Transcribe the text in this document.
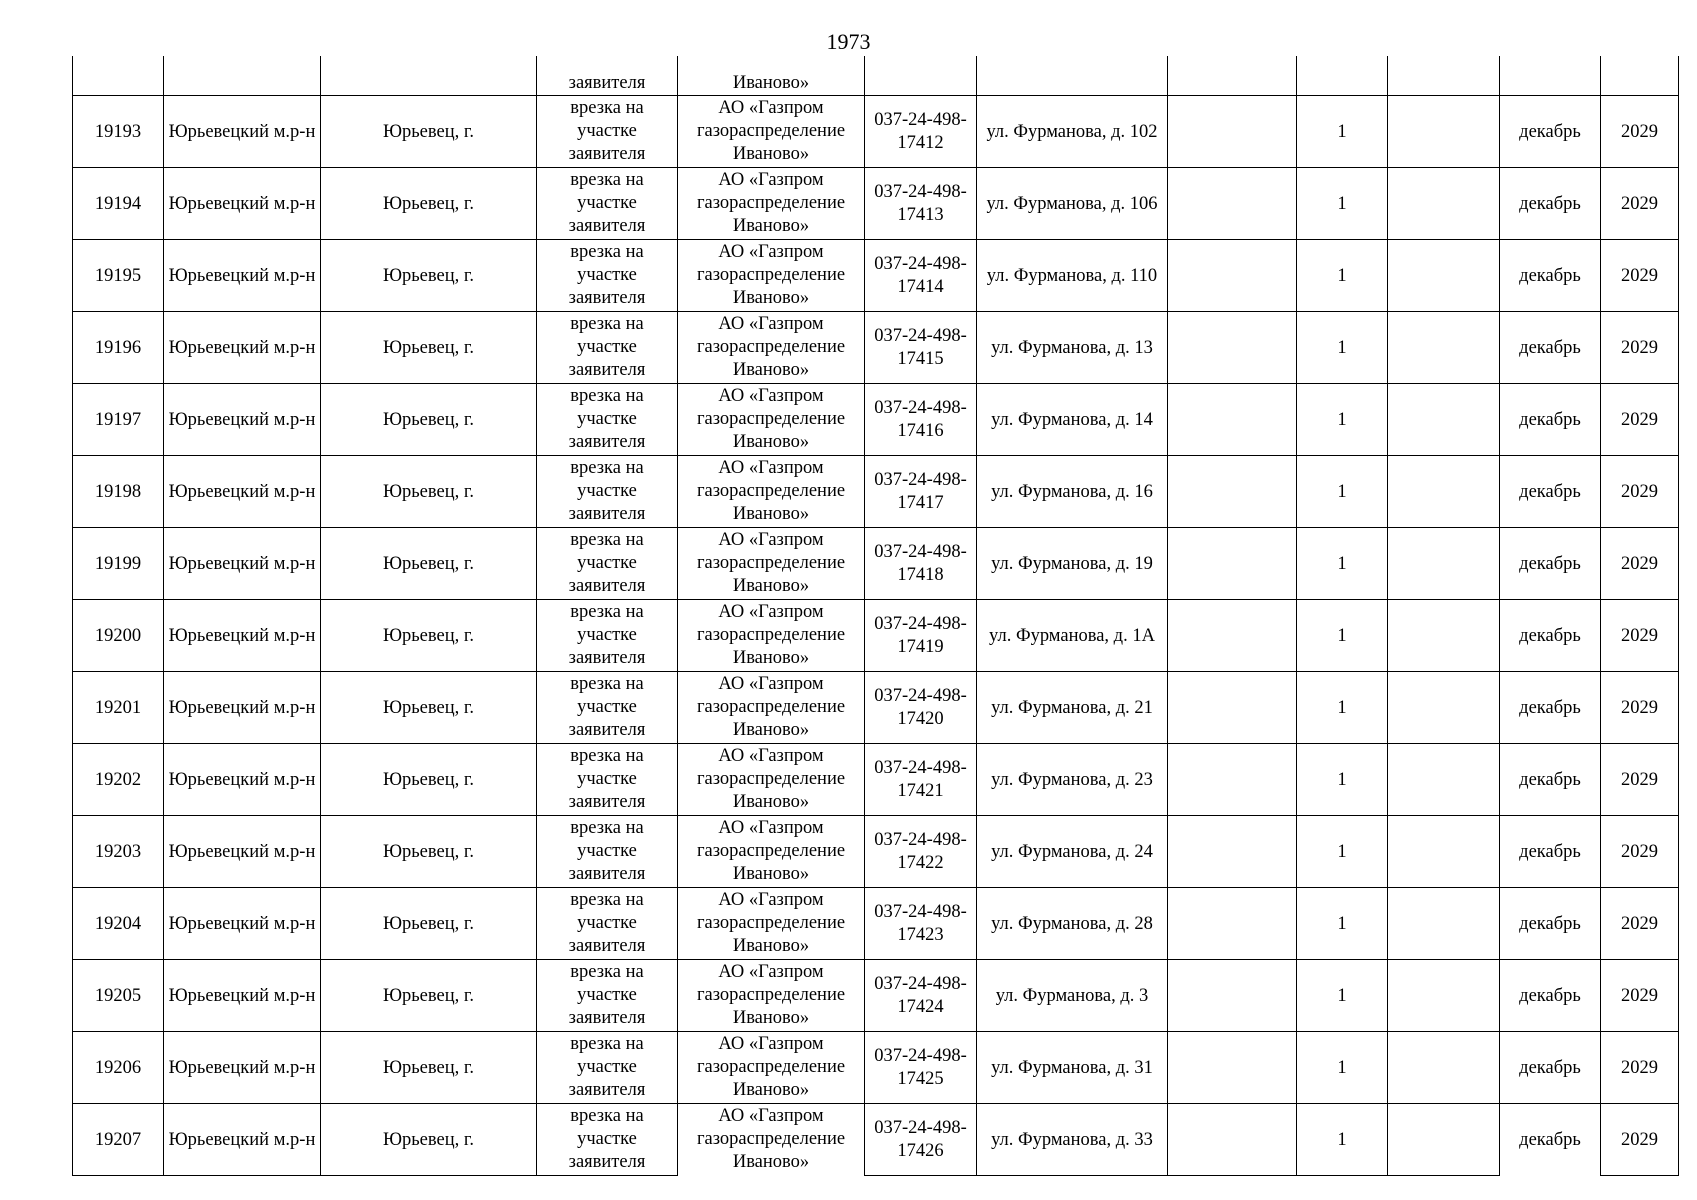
1973
			заявителя	Иваново»							
19193	Юрьевецкий м.р-н	Юрьевец, г.	врезка на участке заявителя	АО «Газпром газораспределение Иваново»	037-24-498-17412	ул. Фурманова, д. 102		1		декабрь	2029
19194	Юрьевецкий м.р-н	Юрьевец, г.	врезка на участке заявителя	АО «Газпром газораспределение Иваново»	037-24-498-17413	ул. Фурманова, д. 106		1		декабрь	2029
19195	Юрьевецкий м.р-н	Юрьевец, г.	врезка на участке заявителя	АО «Газпром газораспределение Иваново»	037-24-498-17414	ул. Фурманова, д. 110		1		декабрь	2029
19196	Юрьевецкий м.р-н	Юрьевец, г.	врезка на участке заявителя	АО «Газпром газораспределение Иваново»	037-24-498-17415	ул. Фурманова, д. 13		1		декабрь	2029
19197	Юрьевецкий м.р-н	Юрьевец, г.	врезка на участке заявителя	АО «Газпром газораспределение Иваново»	037-24-498-17416	ул. Фурманова, д. 14		1		декабрь	2029
19198	Юрьевецкий м.р-н	Юрьевец, г.	врезка на участке заявителя	АО «Газпром газораспределение Иваново»	037-24-498-17417	ул. Фурманова, д. 16		1		декабрь	2029
19199	Юрьевецкий м.р-н	Юрьевец, г.	врезка на участке заявителя	АО «Газпром газораспределение Иваново»	037-24-498-17418	ул. Фурманова, д. 19		1		декабрь	2029
19200	Юрьевецкий м.р-н	Юрьевец, г.	врезка на участке заявителя	АО «Газпром газораспределение Иваново»	037-24-498-17419	ул. Фурманова, д. 1А		1		декабрь	2029
19201	Юрьевецкий м.р-н	Юрьевец, г.	врезка на участке заявителя	АО «Газпром газораспределение Иваново»	037-24-498-17420	ул. Фурманова, д. 21		1		декабрь	2029
19202	Юрьевецкий м.р-н	Юрьевец, г.	врезка на участке заявителя	АО «Газпром газораспределение Иваново»	037-24-498-17421	ул. Фурманова, д. 23		1		декабрь	2029
19203	Юрьевецкий м.р-н	Юрьевец, г.	врезка на участке заявителя	АО «Газпром газораспределение Иваново»	037-24-498-17422	ул. Фурманова, д. 24		1		декабрь	2029
19204	Юрьевецкий м.р-н	Юрьевец, г.	врезка на участке заявителя	АО «Газпром газораспределение Иваново»	037-24-498-17423	ул. Фурманова, д. 28		1		декабрь	2029
19205	Юрьевецкий м.р-н	Юрьевец, г.	врезка на участке заявителя	АО «Газпром газораспределение Иваново»	037-24-498-17424	ул. Фурманова, д. 3		1		декабрь	2029
19206	Юрьевецкий м.р-н	Юрьевец, г.	врезка на участке заявителя	АО «Газпром газораспределение Иваново»	037-24-498-17425	ул. Фурманова, д. 31		1		декабрь	2029
19207	Юрьевецкий м.р-н	Юрьевец, г.	врезка на участке заявителя	АО «Газпром газораспределение Иваново»	037-24-498-17426	ул. Фурманова, д. 33		1		декабрь	2029
